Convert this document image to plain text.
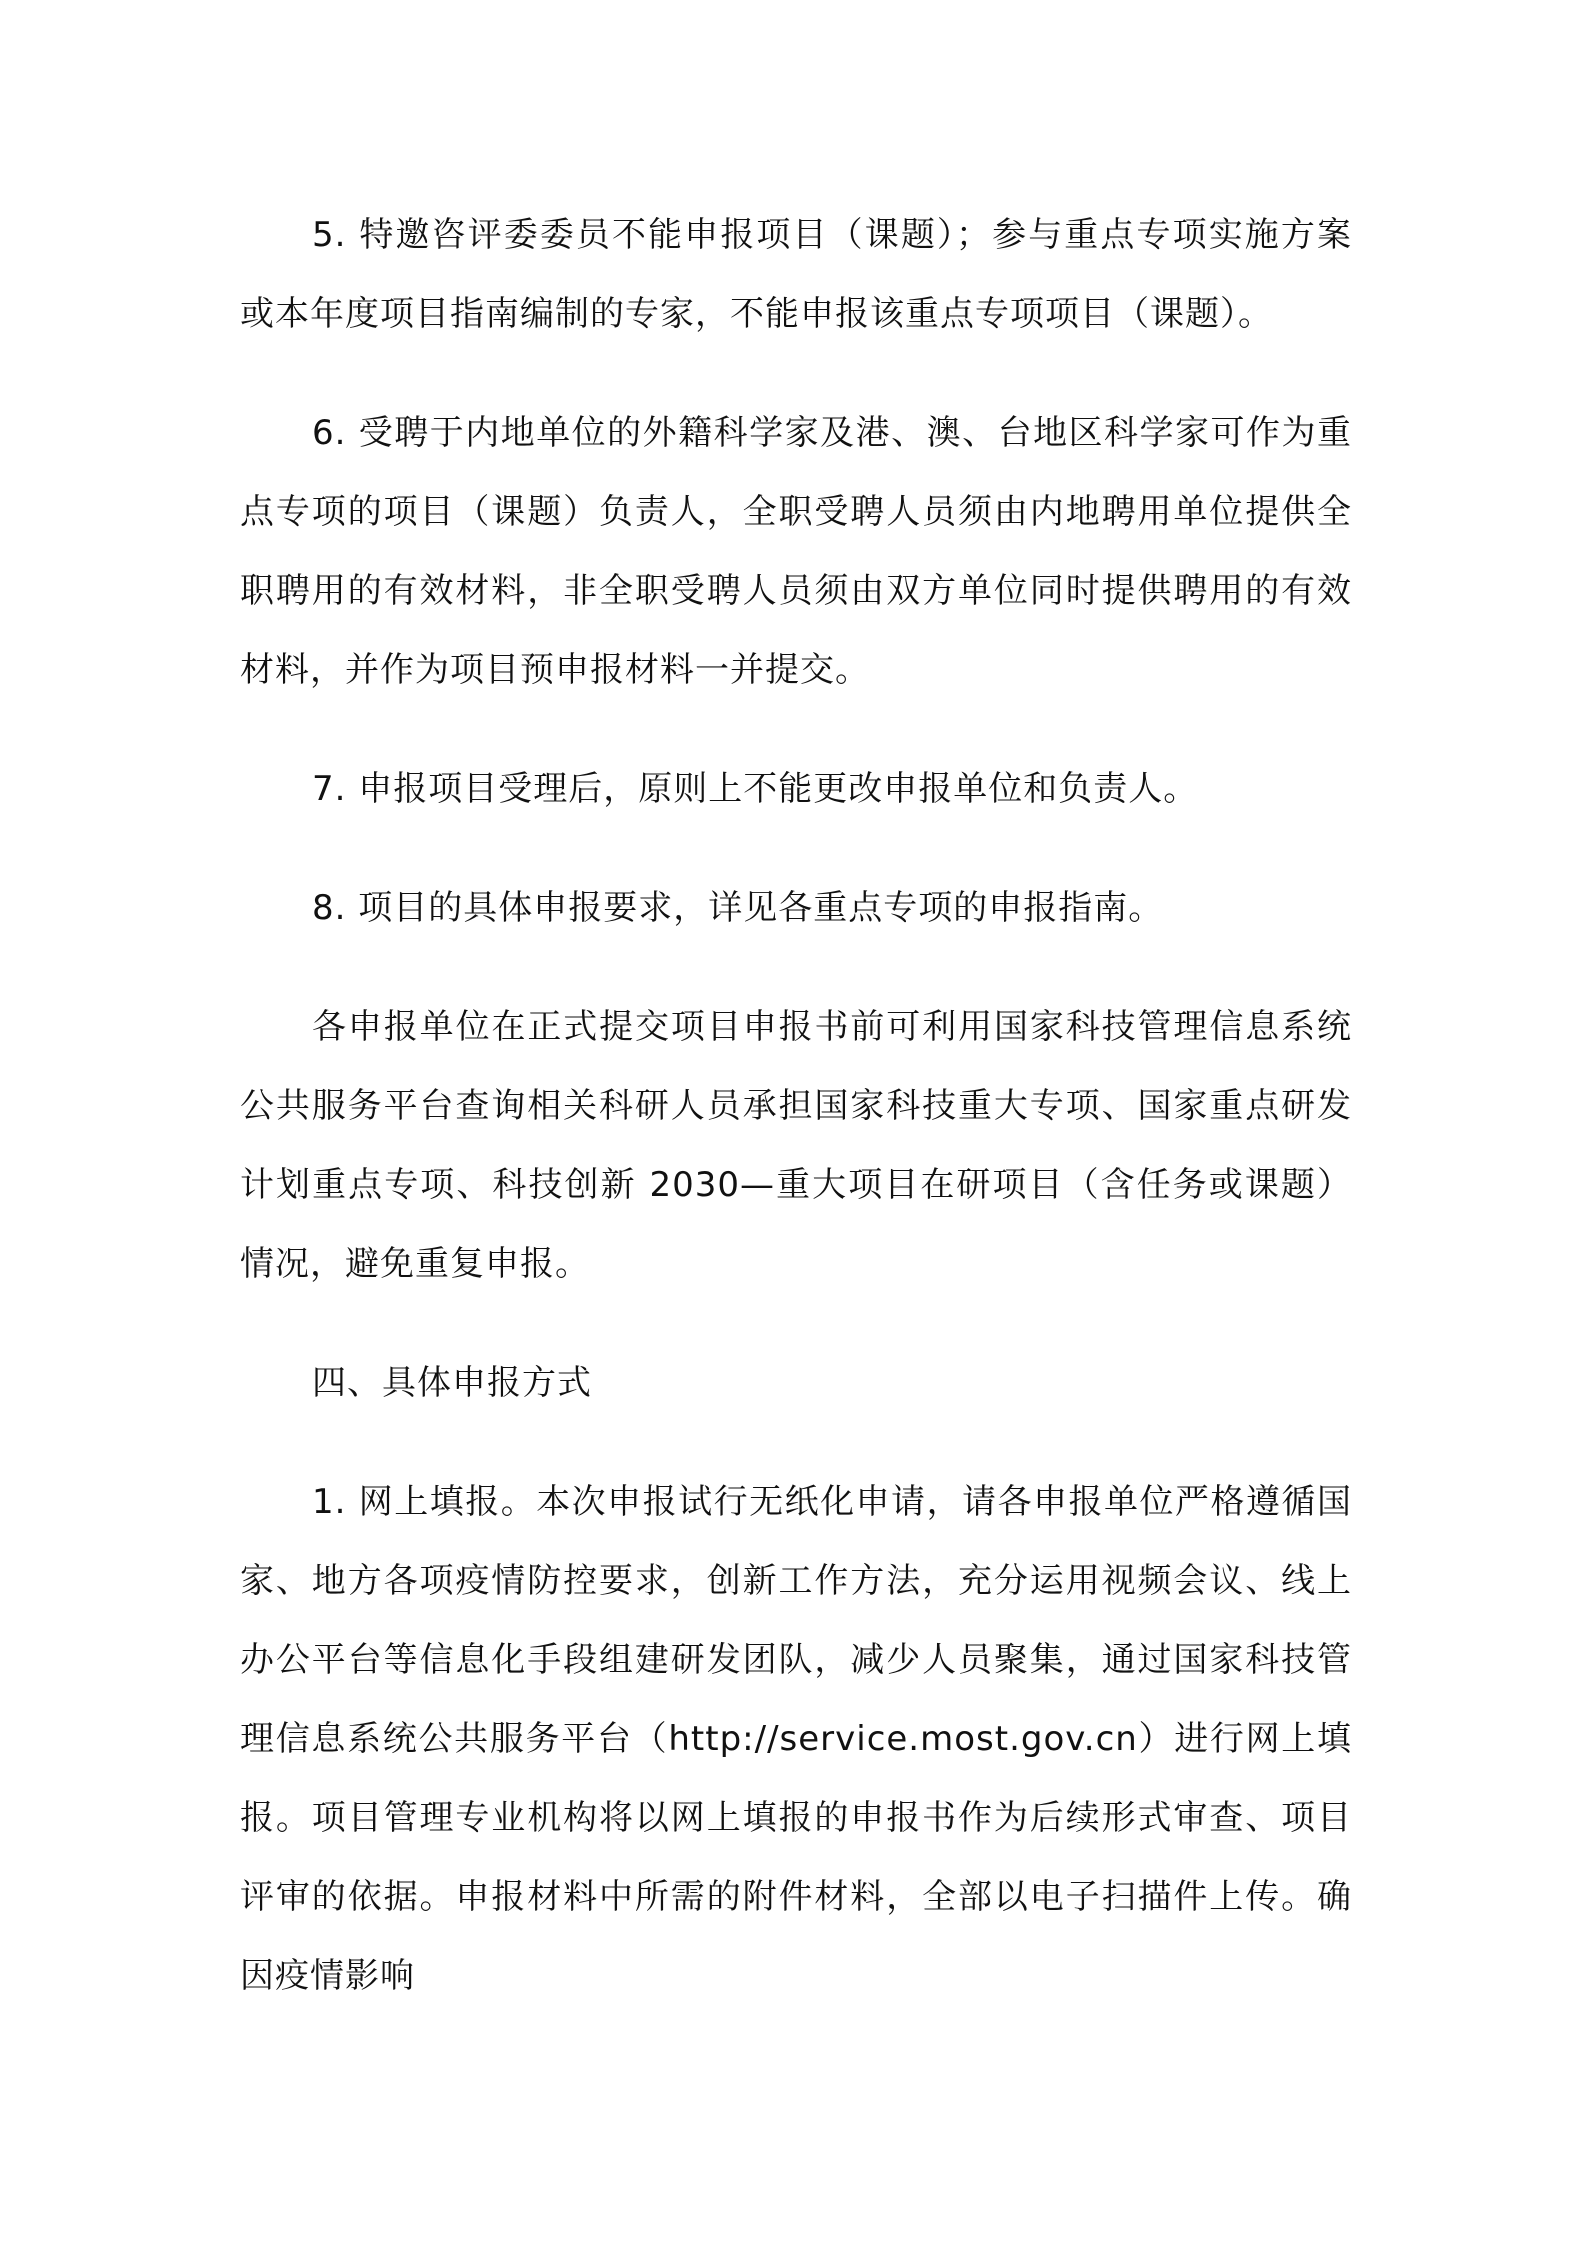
5. 特邀咨评委委员不能申报项目（课题）；参与重点专项实施方案或本年度项目指南编制的专家，不能申报该重点专项项目（课题）。

6. 受聘于内地单位的外籍科学家及港、澳、台地区科学家可作为重点专项的项目（课题）负责人，全职受聘人员须由内地聘用单位提供全职聘用的有效材料，非全职受聘人员须由双方单位同时提供聘用的有效材料，并作为项目预申报材料一并提交。

7. 申报项目受理后，原则上不能更改申报单位和负责人。

8. 项目的具体申报要求，详见各重点专项的申报指南。

各申报单位在正式提交项目申报书前可利用国家科技管理信息系统公共服务平台查询相关科研人员承担国家科技重大专项、国家重点研发计划重点专项、科技创新 2030—重大项目在研项目（含任务或课题）情况，避免重复申报。

四、具体申报方式

1. 网上填报。本次申报试行无纸化申请，请各申报单位严格遵循国家、地方各项疫情防控要求，创新工作方法，充分运用视频会议、线上办公平台等信息化手段组建研发团队，减少人员聚集，通过国家科技管理信息系统公共服务平台（http://service.most.gov.cn）进行网上填报。项目管理专业机构将以网上填报的申报书作为后续形式审查、项目评审的依据。申报材料中所需的附件材料，全部以电子扫描件上传。确因疫情影响
